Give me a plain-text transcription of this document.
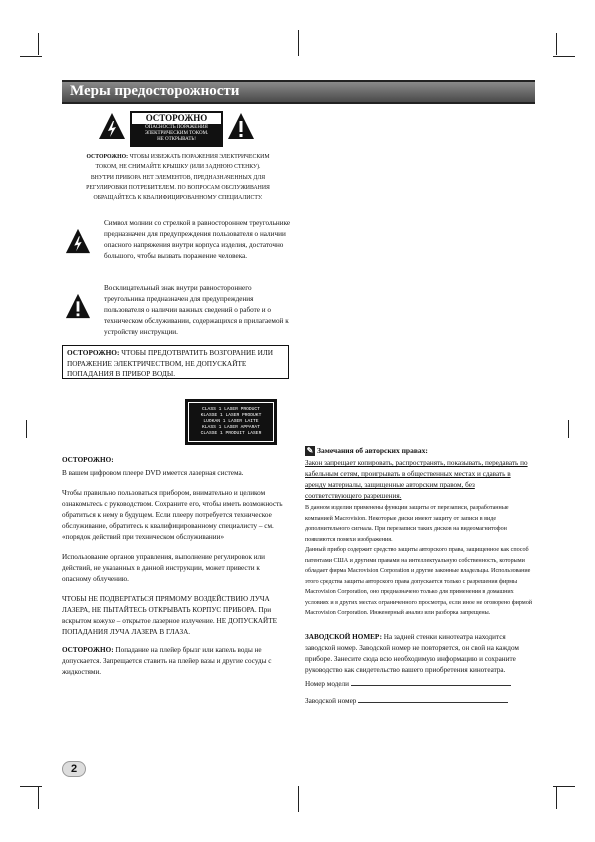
Меры предосторожности
ОСТОРОЖНО
ОПАСНОСТЬ ПОРАЖЕНИЯ
ЭЛЕКТРИЧЕСКИМ ТОКОМ.
НЕ ОТКРЫВАТЬ!
ОСТОРОЖНО: ЧТОБЫ ИЗБЕЖАТЬ ПОРАЖЕНИЯ ЭЛЕКТРИЧЕСКИМ ТОКОМ, НЕ СНИМАЙТЕ КРЫШКУ (ИЛИ ЗАДНЮЮ СТЕНКУ). ВНУТРИ ПРИБОРА НЕТ ЭЛЕМЕНТОВ, ПРЕДНАЗНАЧЕННЫХ ДЛЯ РЕГУЛИРОВКИ ПОТРЕБИТЕЛЕМ. ПО ВОПРОСАМ ОБСЛУЖИВАНИЯ ОБРАЩАЙТЕСЬ К КВАЛИФИЦИРОВАННОМУ СПЕЦИАЛИСТУ.
Символ молнии со стрелкой в равностороннем треугольнике предназначен для предупреждения пользователя о наличии опасного напряжения внутри корпуса изделия, достаточно большого, чтобы вызвать поражение человека.
Восклицательный знак внутри равностороннего треугольника предназначен для предупреждения пользователя о наличии важных сведений о работе и о техническом обслуживании, содержащихся в прилагаемой к устройству инструкции.
ОСТОРОЖНО: ЧТОБЫ ПРЕДОТВРАТИТЬ ВОЗГОРАНИЕ ИЛИ ПОРАЖЕНИЕ ЭЛЕКТРИЧЕСТВОМ, НЕ ДОПУСКАЙТЕ ПОПАДАНИЯ В ПРИБОР ВОДЫ.
CLASS 1 LASER PRODUCT
KLASSE 1 LASER PRODUKT
LUOKAN 1 LASER LAITE
KLASS 1 LASER APPARAT
CLASSE 1 PRODUIT LASER

ОСТОРОЖНО:

В вашем цифровом плеере DVD имеется лазерная система.

Чтобы правильно пользоваться прибором, внимательно и целиком ознакомьтесь с руководством. Сохраните его, чтобы иметь возможность обратиться к нему в будущем. Если плееру потребуется техническое обслуживание, обратитесь к квалифицированному специалисту – см. «порядок действий при техническом обслуживании»

Использование органов управления, выполнение регулировок или действий, не указанных в данной инструкции, может привести к опасному облучению.

ЧТОБЫ НЕ ПОДВЕРГАТЬСЯ ПРЯМОМУ ВОЗДЕЙСТВИЮ ЛУЧА ЛАЗЕРА, НЕ ПЫТАЙТЕСЬ ОТКРЫВАТЬ КОРПУС ПРИБОРА. При вскрытом кожухе – открытое лазерное излучение. НЕ ДОПУСКАЙТЕ ПОПАДАНИЯ ЛУЧА ЛАЗЕРА В ГЛАЗА.

ОСТОРОЖНО: Попадание на плейер брызг или капель воды не допускается. Запрещается ставить на плейер вазы и другие сосуды с жидкостями.

✎ Замечания об авторских правах:

Закон запрещает копировать, распространять, показывать, передавать по кабельным сетям, проигрывать в общественных местах и сдавать в аренду материалы, защищенные авторским правом, без соответствующего разрешения.

В данном изделии применены функции защиты от перезаписи, разработанные компанией Macrovision. Некоторые диски имеют защиту от записи в виде дополнительного сигнала. При перезаписи таких дисков на видеомагнитофон появляются помехи изображения.

Данный прибор содержит средство защиты авторского права, защищенное как способ патентами США и другими правами на интеллектуальную собственность, которыми обладает фирма Macrovision Corporation и другие законные владельцы. Использование этого средства защиты авторского права допускается только с разрешения фирмы Macrovision Corporation, оно предназначено только для применения в домашних условиях и в других местах ограниченного просмотра, если иное не оговорено фирмой Macrovision Corporation. Инженерный анализ или разборка запрещены.

ЗАВОДСКОЙ НОМЕР: На задней стенки кинотеатра находится заводской номер. Заводской номер не повторяется, он свой на каждом приборе. Занесите сюда всю необходимую информацию и сохраните руководство как свидетельство вашего приобретения кинотеатра.

Номер модели
Заводской номер
2
